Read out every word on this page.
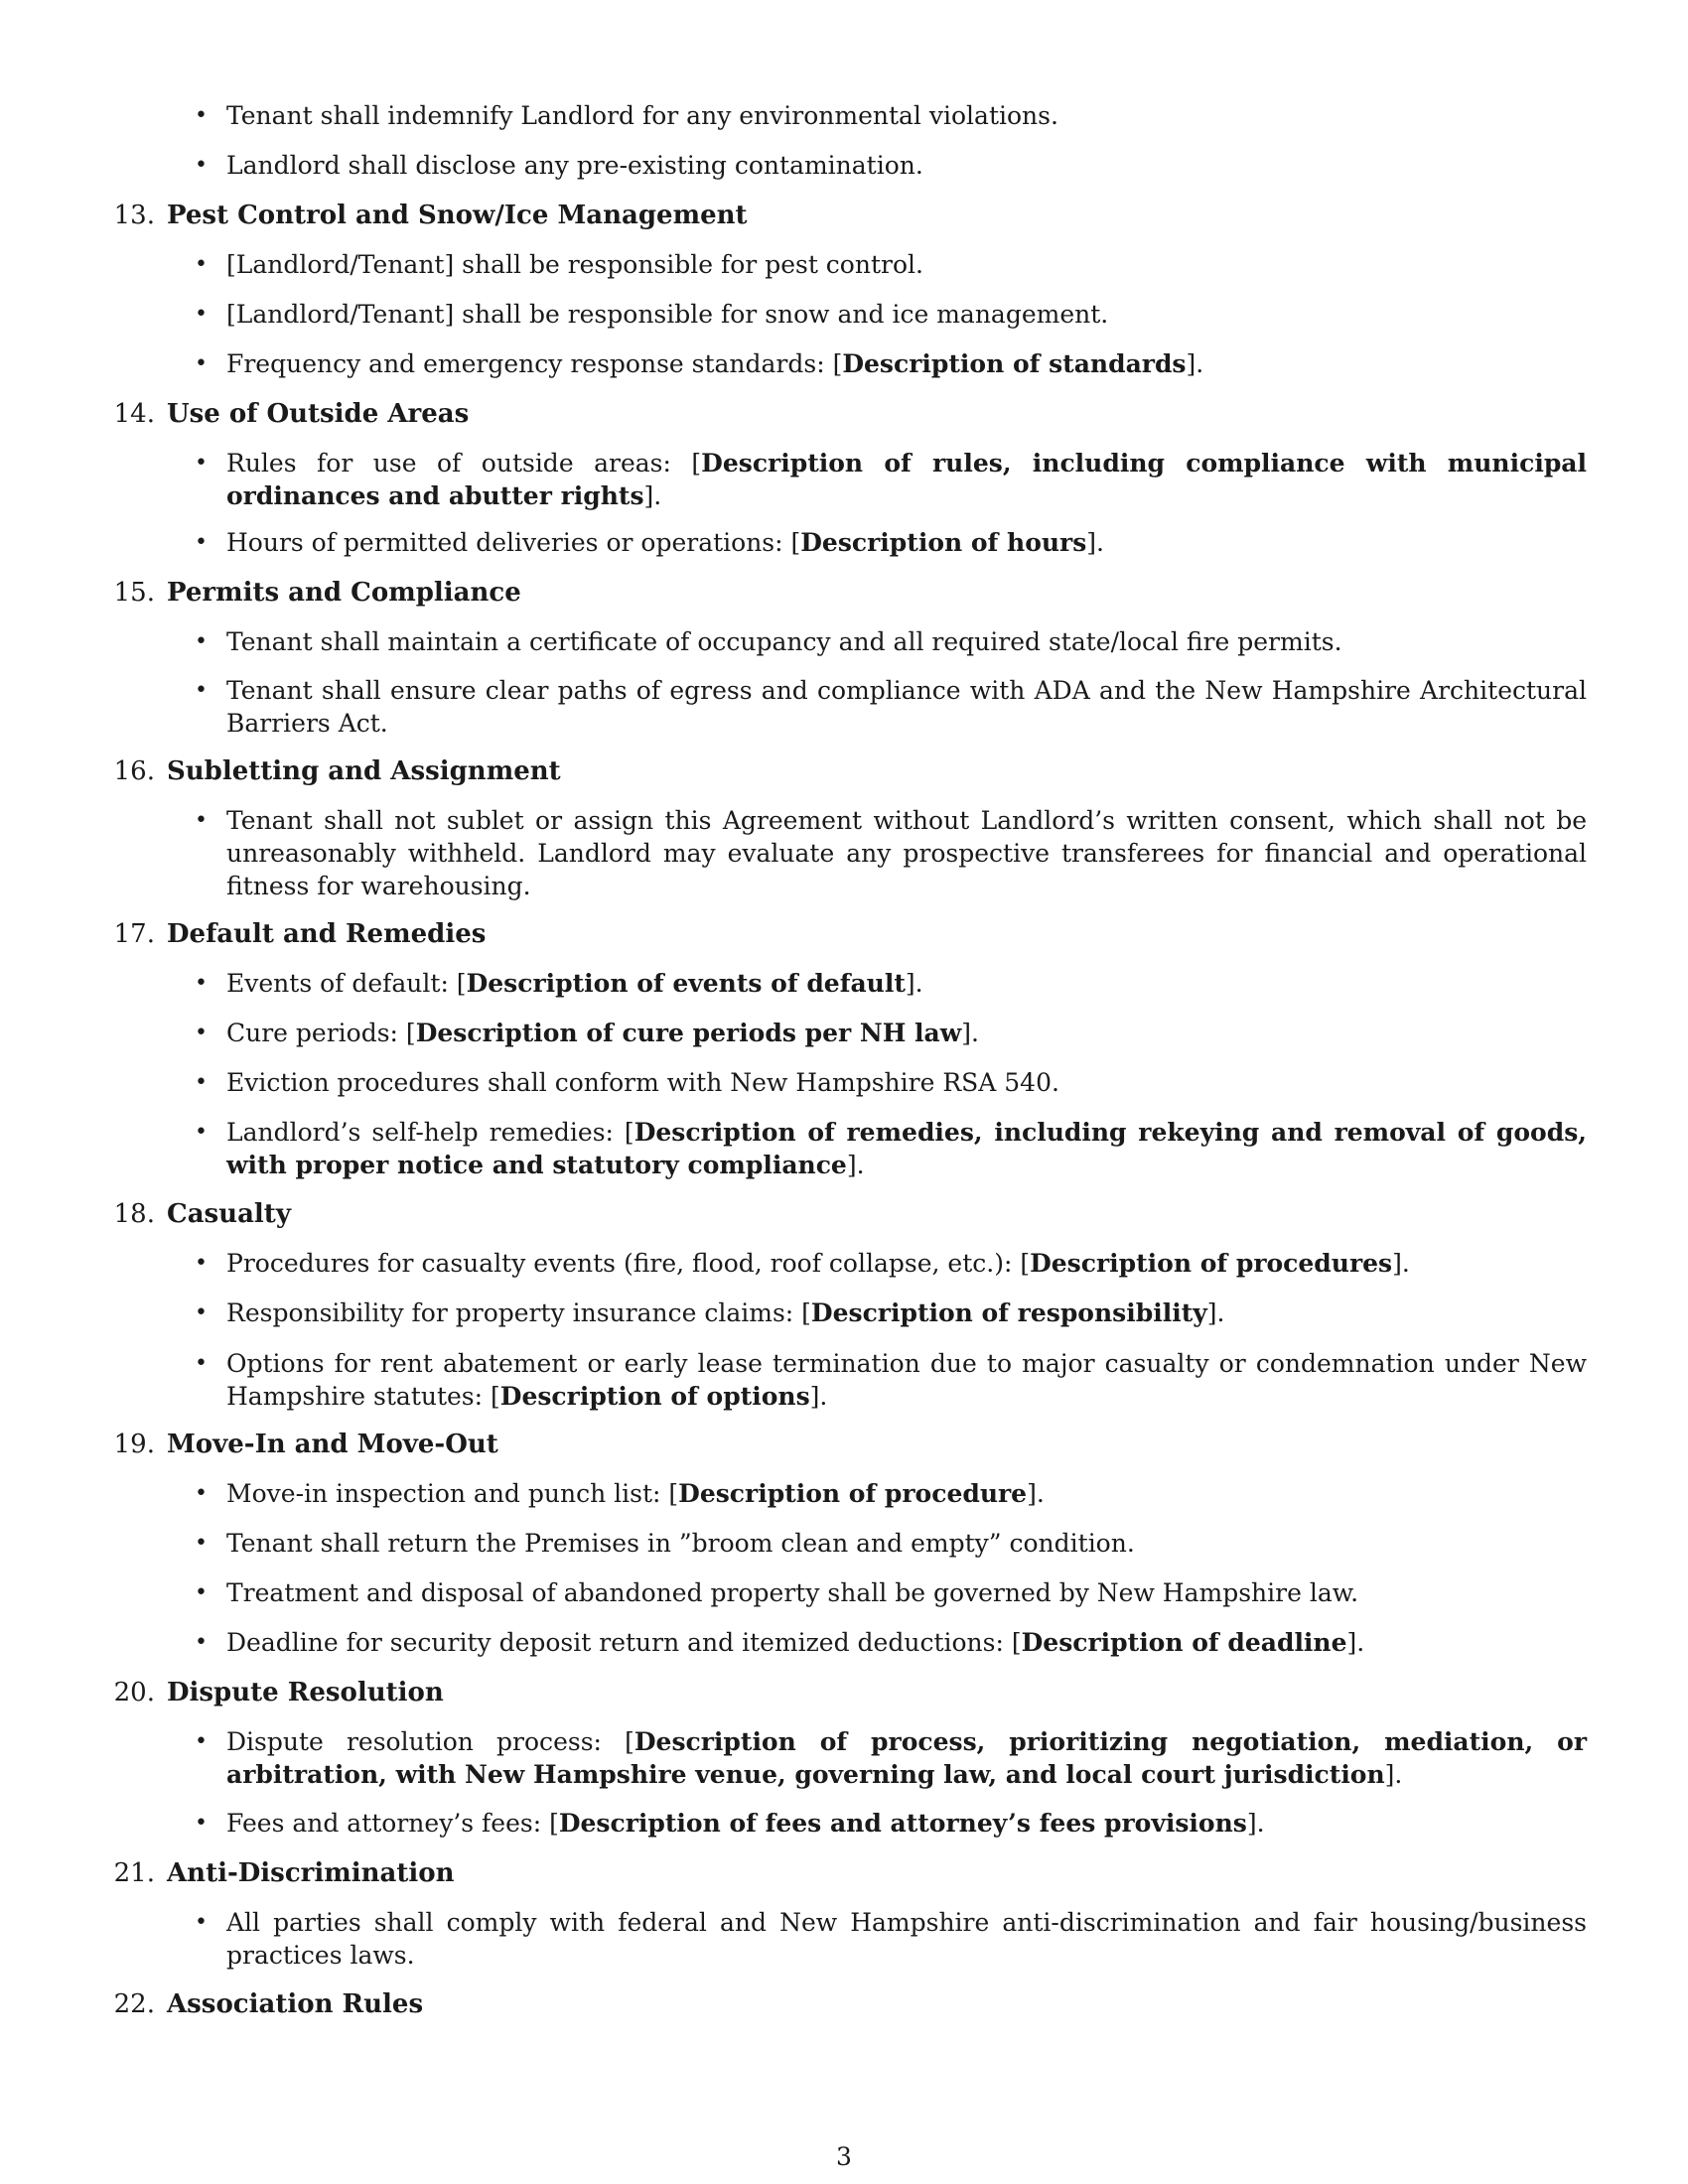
• Tenant shall indemnify Landlord for any environmental violations.
• Landlord shall disclose any pre-existing contamination.
13. Pest Control and Snow/Ice Management
• [Landlord/Tenant] shall be responsible for pest control.
• [Landlord/Tenant] shall be responsible for snow and ice management.
• Frequency and emergency response standards: [Description of standards].
14. Use of Outside Areas
• Rules for use of outside areas: [Description of rules, including compliance with municipal ordinances and abutter rights].
• Hours of permitted deliveries or operations: [Description of hours].
15. Permits and Compliance
• Tenant shall maintain a certificate of occupancy and all required state/local fire permits.
• Tenant shall ensure clear paths of egress and compliance with ADA and the New Hampshire Architectural Barriers Act.
16. Subletting and Assignment
• Tenant shall not sublet or assign this Agreement without Landlord’s written consent, which shall not be unreasonably withheld. Landlord may evaluate any prospective transferees for financial and operational fitness for warehousing.
17. Default and Remedies
• Events of default: [Description of events of default].
• Cure periods: [Description of cure periods per NH law].
• Eviction procedures shall conform with New Hampshire RSA 540.
• Landlord’s self-help remedies: [Description of remedies, including rekeying and removal of goods, with proper notice and statutory compliance].
18. Casualty
• Procedures for casualty events (fire, flood, roof collapse, etc.): [Description of procedures].
• Responsibility for property insurance claims: [Description of responsibility].
• Options for rent abatement or early lease termination due to major casualty or condemnation under New Hampshire statutes: [Description of options].
19. Move-In and Move-Out
• Move-in inspection and punch list: [Description of procedure].
• Tenant shall return the Premises in ”broom clean and empty” condition.
• Treatment and disposal of abandoned property shall be governed by New Hampshire law.
• Deadline for security deposit return and itemized deductions: [Description of deadline].
20. Dispute Resolution
• Dispute resolution process: [Description of process, prioritizing negotiation, mediation, or arbitration, with New Hampshire venue, governing law, and local court jurisdiction].
• Fees and attorney’s fees: [Description of fees and attorney’s fees provisions].
21. Anti-Discrimination
• All parties shall comply with federal and New Hampshire anti-discrimination and fair housing/business practices laws.
22. Association Rules
3
